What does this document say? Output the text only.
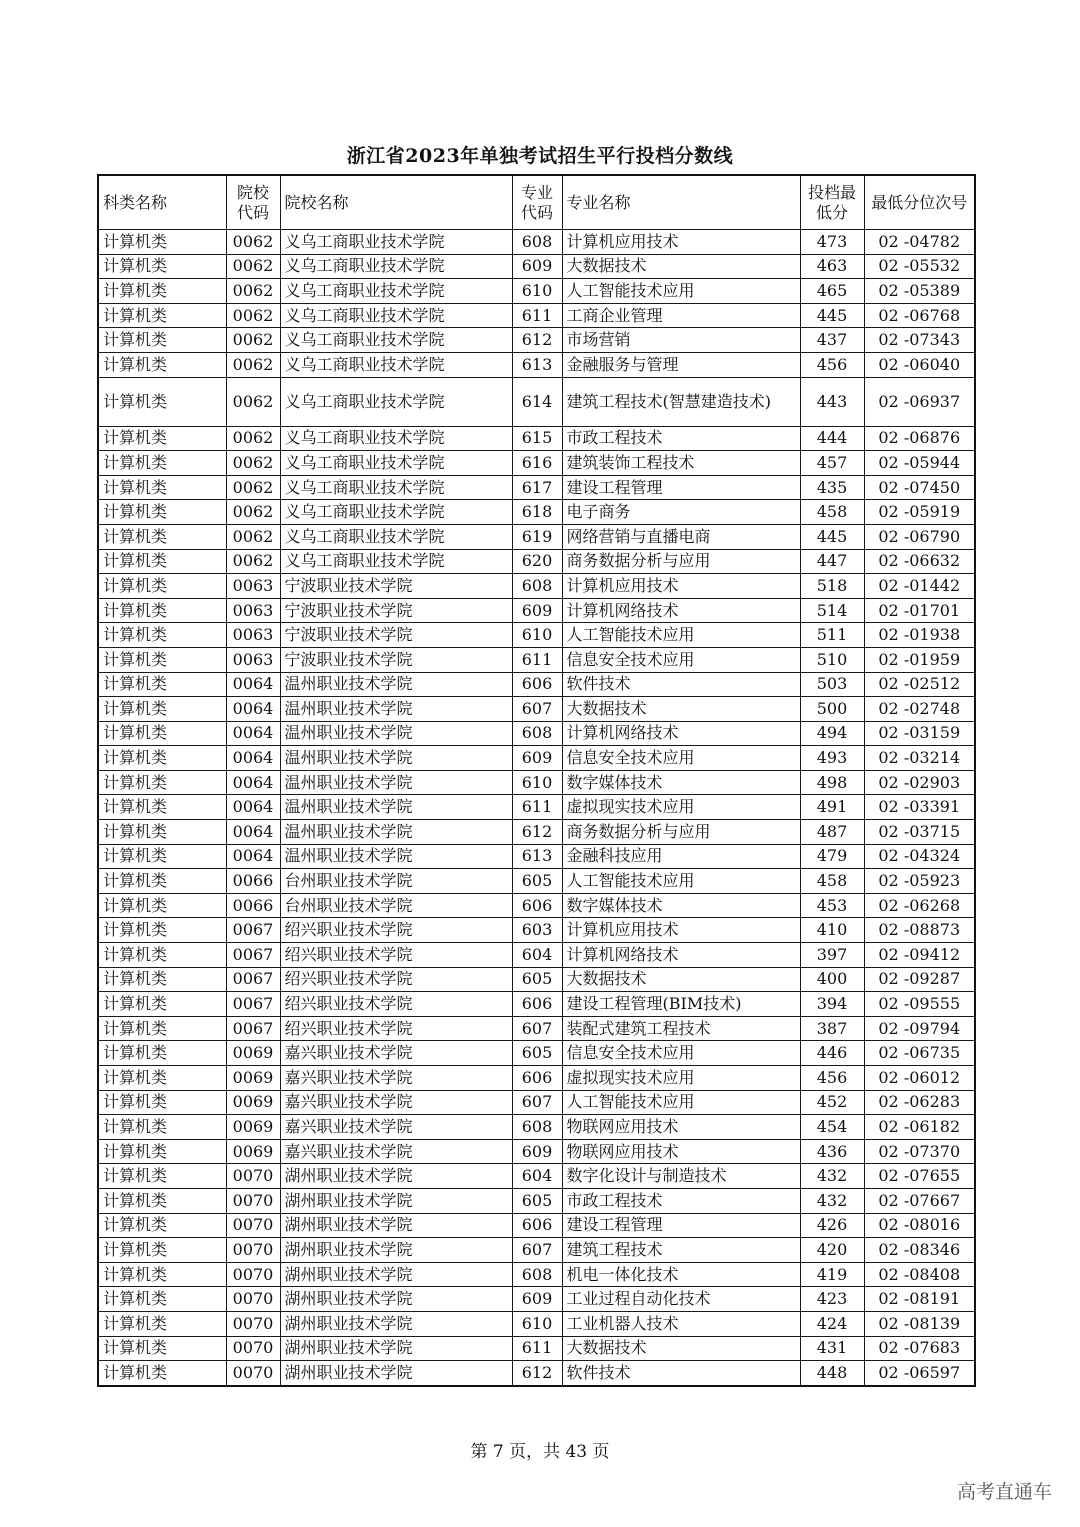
浙江省2023年单独考试招生平行投档分数线
科类名称	院校代码	院校名称	专业代码	专业名称	投档最低分	最低分位次号
计算机类	0062	义乌工商职业技术学院	608	计算机应用技术	473	02 -04782
计算机类	0062	义乌工商职业技术学院	609	大数据技术	463	02 -05532
计算机类	0062	义乌工商职业技术学院	610	人工智能技术应用	465	02 -05389
计算机类	0062	义乌工商职业技术学院	611	工商企业管理	445	02 -06768
计算机类	0062	义乌工商职业技术学院	612	市场营销	437	02 -07343
计算机类	0062	义乌工商职业技术学院	613	金融服务与管理	456	02 -06040
计算机类	0062	义乌工商职业技术学院	614	建筑工程技术(智慧建造技术)	443	02 -06937
计算机类	0062	义乌工商职业技术学院	615	市政工程技术	444	02 -06876
计算机类	0062	义乌工商职业技术学院	616	建筑装饰工程技术	457	02 -05944
计算机类	0062	义乌工商职业技术学院	617	建设工程管理	435	02 -07450
计算机类	0062	义乌工商职业技术学院	618	电子商务	458	02 -05919
计算机类	0062	义乌工商职业技术学院	619	网络营销与直播电商	445	02 -06790
计算机类	0062	义乌工商职业技术学院	620	商务数据分析与应用	447	02 -06632
计算机类	0063	宁波职业技术学院	608	计算机应用技术	518	02 -01442
计算机类	0063	宁波职业技术学院	609	计算机网络技术	514	02 -01701
计算机类	0063	宁波职业技术学院	610	人工智能技术应用	511	02 -01938
计算机类	0063	宁波职业技术学院	611	信息安全技术应用	510	02 -01959
计算机类	0064	温州职业技术学院	606	软件技术	503	02 -02512
计算机类	0064	温州职业技术学院	607	大数据技术	500	02 -02748
计算机类	0064	温州职业技术学院	608	计算机网络技术	494	02 -03159
计算机类	0064	温州职业技术学院	609	信息安全技术应用	493	02 -03214
计算机类	0064	温州职业技术学院	610	数字媒体技术	498	02 -02903
计算机类	0064	温州职业技术学院	611	虚拟现实技术应用	491	02 -03391
计算机类	0064	温州职业技术学院	612	商务数据分析与应用	487	02 -03715
计算机类	0064	温州职业技术学院	613	金融科技应用	479	02 -04324
计算机类	0066	台州职业技术学院	605	人工智能技术应用	458	02 -05923
计算机类	0066	台州职业技术学院	606	数字媒体技术	453	02 -06268
计算机类	0067	绍兴职业技术学院	603	计算机应用技术	410	02 -08873
计算机类	0067	绍兴职业技术学院	604	计算机网络技术	397	02 -09412
计算机类	0067	绍兴职业技术学院	605	大数据技术	400	02 -09287
计算机类	0067	绍兴职业技术学院	606	建设工程管理(BIM技术)	394	02 -09555
计算机类	0067	绍兴职业技术学院	607	装配式建筑工程技术	387	02 -09794
计算机类	0069	嘉兴职业技术学院	605	信息安全技术应用	446	02 -06735
计算机类	0069	嘉兴职业技术学院	606	虚拟现实技术应用	456	02 -06012
计算机类	0069	嘉兴职业技术学院	607	人工智能技术应用	452	02 -06283
计算机类	0069	嘉兴职业技术学院	608	物联网应用技术	454	02 -06182
计算机类	0069	嘉兴职业技术学院	609	物联网应用技术	436	02 -07370
计算机类	0070	湖州职业技术学院	604	数字化设计与制造技术	432	02 -07655
计算机类	0070	湖州职业技术学院	605	市政工程技术	432	02 -07667
计算机类	0070	湖州职业技术学院	606	建设工程管理	426	02 -08016
计算机类	0070	湖州职业技术学院	607	建筑工程技术	420	02 -08346
计算机类	0070	湖州职业技术学院	608	机电一体化技术	419	02 -08408
计算机类	0070	湖州职业技术学院	609	工业过程自动化技术	423	02 -08191
计算机类	0070	湖州职业技术学院	610	工业机器人技术	424	02 -08139
计算机类	0070	湖州职业技术学院	611	大数据技术	431	02 -07683
计算机类	0070	湖州职业技术学院	612	软件技术	448	02 -06597
第 7 页，共 43 页
高考直通车
